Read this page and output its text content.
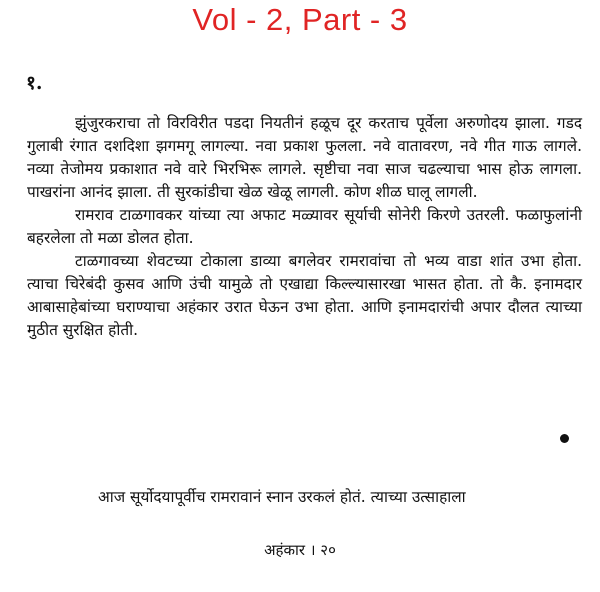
Vol - 2, Part - 3
१.

झुंजुरकराचा तो विरविरीत पडदा नियतीनं हळूच दूर करताच पूर्वेला अरुणोदय झाला. गडद गुलाबी रंगात दशदिशा झगमगू लागल्या. नवा प्रकाश फुलला. नवे वातावरण, नवे गीत गाऊ लागले. नव्या तेजोमय प्रकाशात नवे वारे भिरभिरू लागले. सृष्टीचा नवा साज चढल्याचा भास होऊ लागला. पाखरांना आनंद झाला. ती सुरकांडीचा खेळ खेळू लागली. कोण शीळ घालू लागली.

रामराव टाळगावकर यांच्या त्या अफाट मळ्यावर सूर्याची सोनेरी किरणे उतरली. फळाफुलांनी बहरलेला तो मळा डोलत होता.

टाळगावच्या शेवटच्या टोकाला डाव्या बगलेवर रामरावांचा तो भव्य वाडा शांत उभा होता. त्याचा चिरेबंदी कुसव आणि उंची यामुळे तो एखाद्या किल्ल्यासारखा भासत होता. तो कै. इनामदार आबासाहेबांच्या घराण्याचा अहंकार उरात घेऊन उभा होता. आणि इनामदारांची अपार दौलत त्याच्या मुठीत सुरक्षित होती.

आज सूर्योदयापूर्वीच रामरावानं स्नान उरकलं होतं. त्याच्या उत्साहाला
अहंकार । २०
